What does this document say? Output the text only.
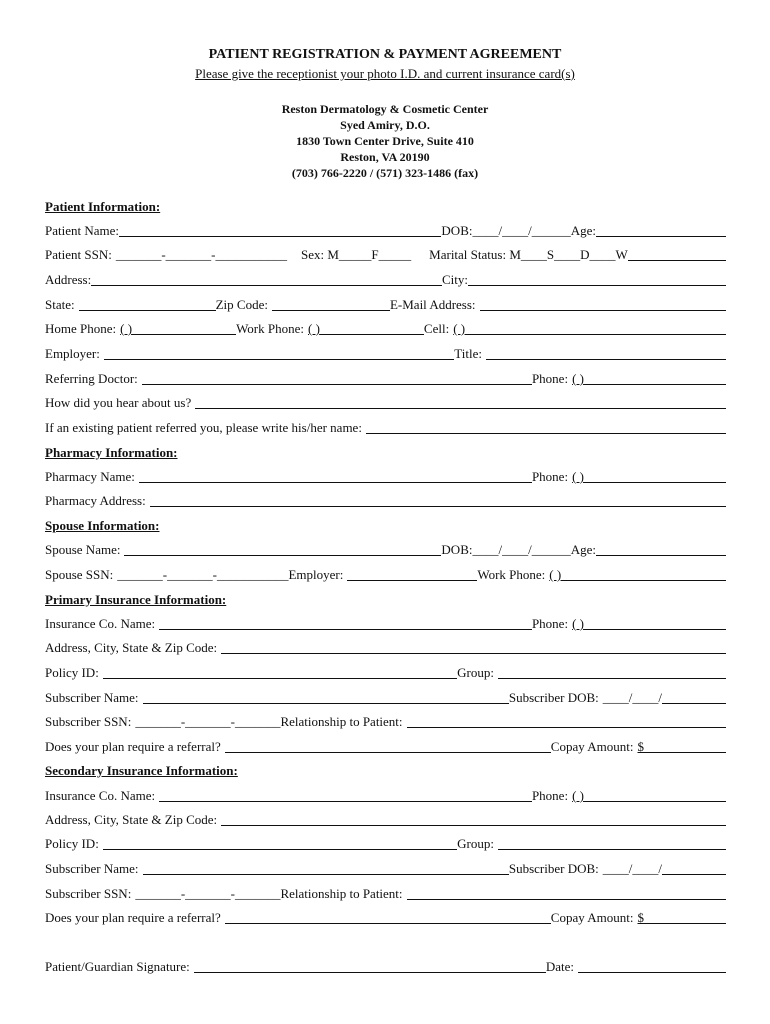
PATIENT REGISTRATION & PAYMENT AGREEMENT
Please give the receptionist your photo I.D. and current insurance card(s)
Reston Dermatology & Cosmetic Center
Syed Amiry, D.O.
1830 Town Center Drive, Suite 410
Reston, VA 20190
(703) 766-2220 / (571) 323-1486 (fax)
Patient Information:
Patient Name:	DOB: ____/____/______ Age:
Patient SSN: _______-_______-___________ Sex: M_____F_____ Marital Status: M____S____D____W
Address:	City:
State:	Zip Code:	E-Mail Address:
Home Phone: ( )	Work Phone: ( )	Cell: ( )
Employer:	Title:
Referring Doctor:	Phone: ( )
How did you hear about us?
If an existing patient referred you, please write his/her name:
Pharmacy Information:
Pharmacy Name:	Phone: ( )
Pharmacy Address:
Spouse Information:
Spouse Name:	DOB: ____/____/______ Age:
Spouse SSN: _______-_______-___________ Employer:	Work Phone: ( )
Primary Insurance Information:
Insurance Co. Name:	Phone: ( )
Address, City, State & Zip Code:
Policy ID:	Group:
Subscriber Name:	Subscriber DOB: ____/____/
Subscriber SSN: _______-_______-_______ Relationship to Patient:
Does your plan require a referral?	Copay Amount: $
Secondary Insurance Information:
Insurance Co. Name:	Phone: ( )
Address, City, State & Zip Code:
Policy ID:	Group:
Subscriber Name:	Subscriber DOB: ____/____/
Subscriber SSN: _______-_______-_______ Relationship to Patient:
Does your plan require a referral?	Copay Amount: $
Patient/Guardian Signature:	Date:
